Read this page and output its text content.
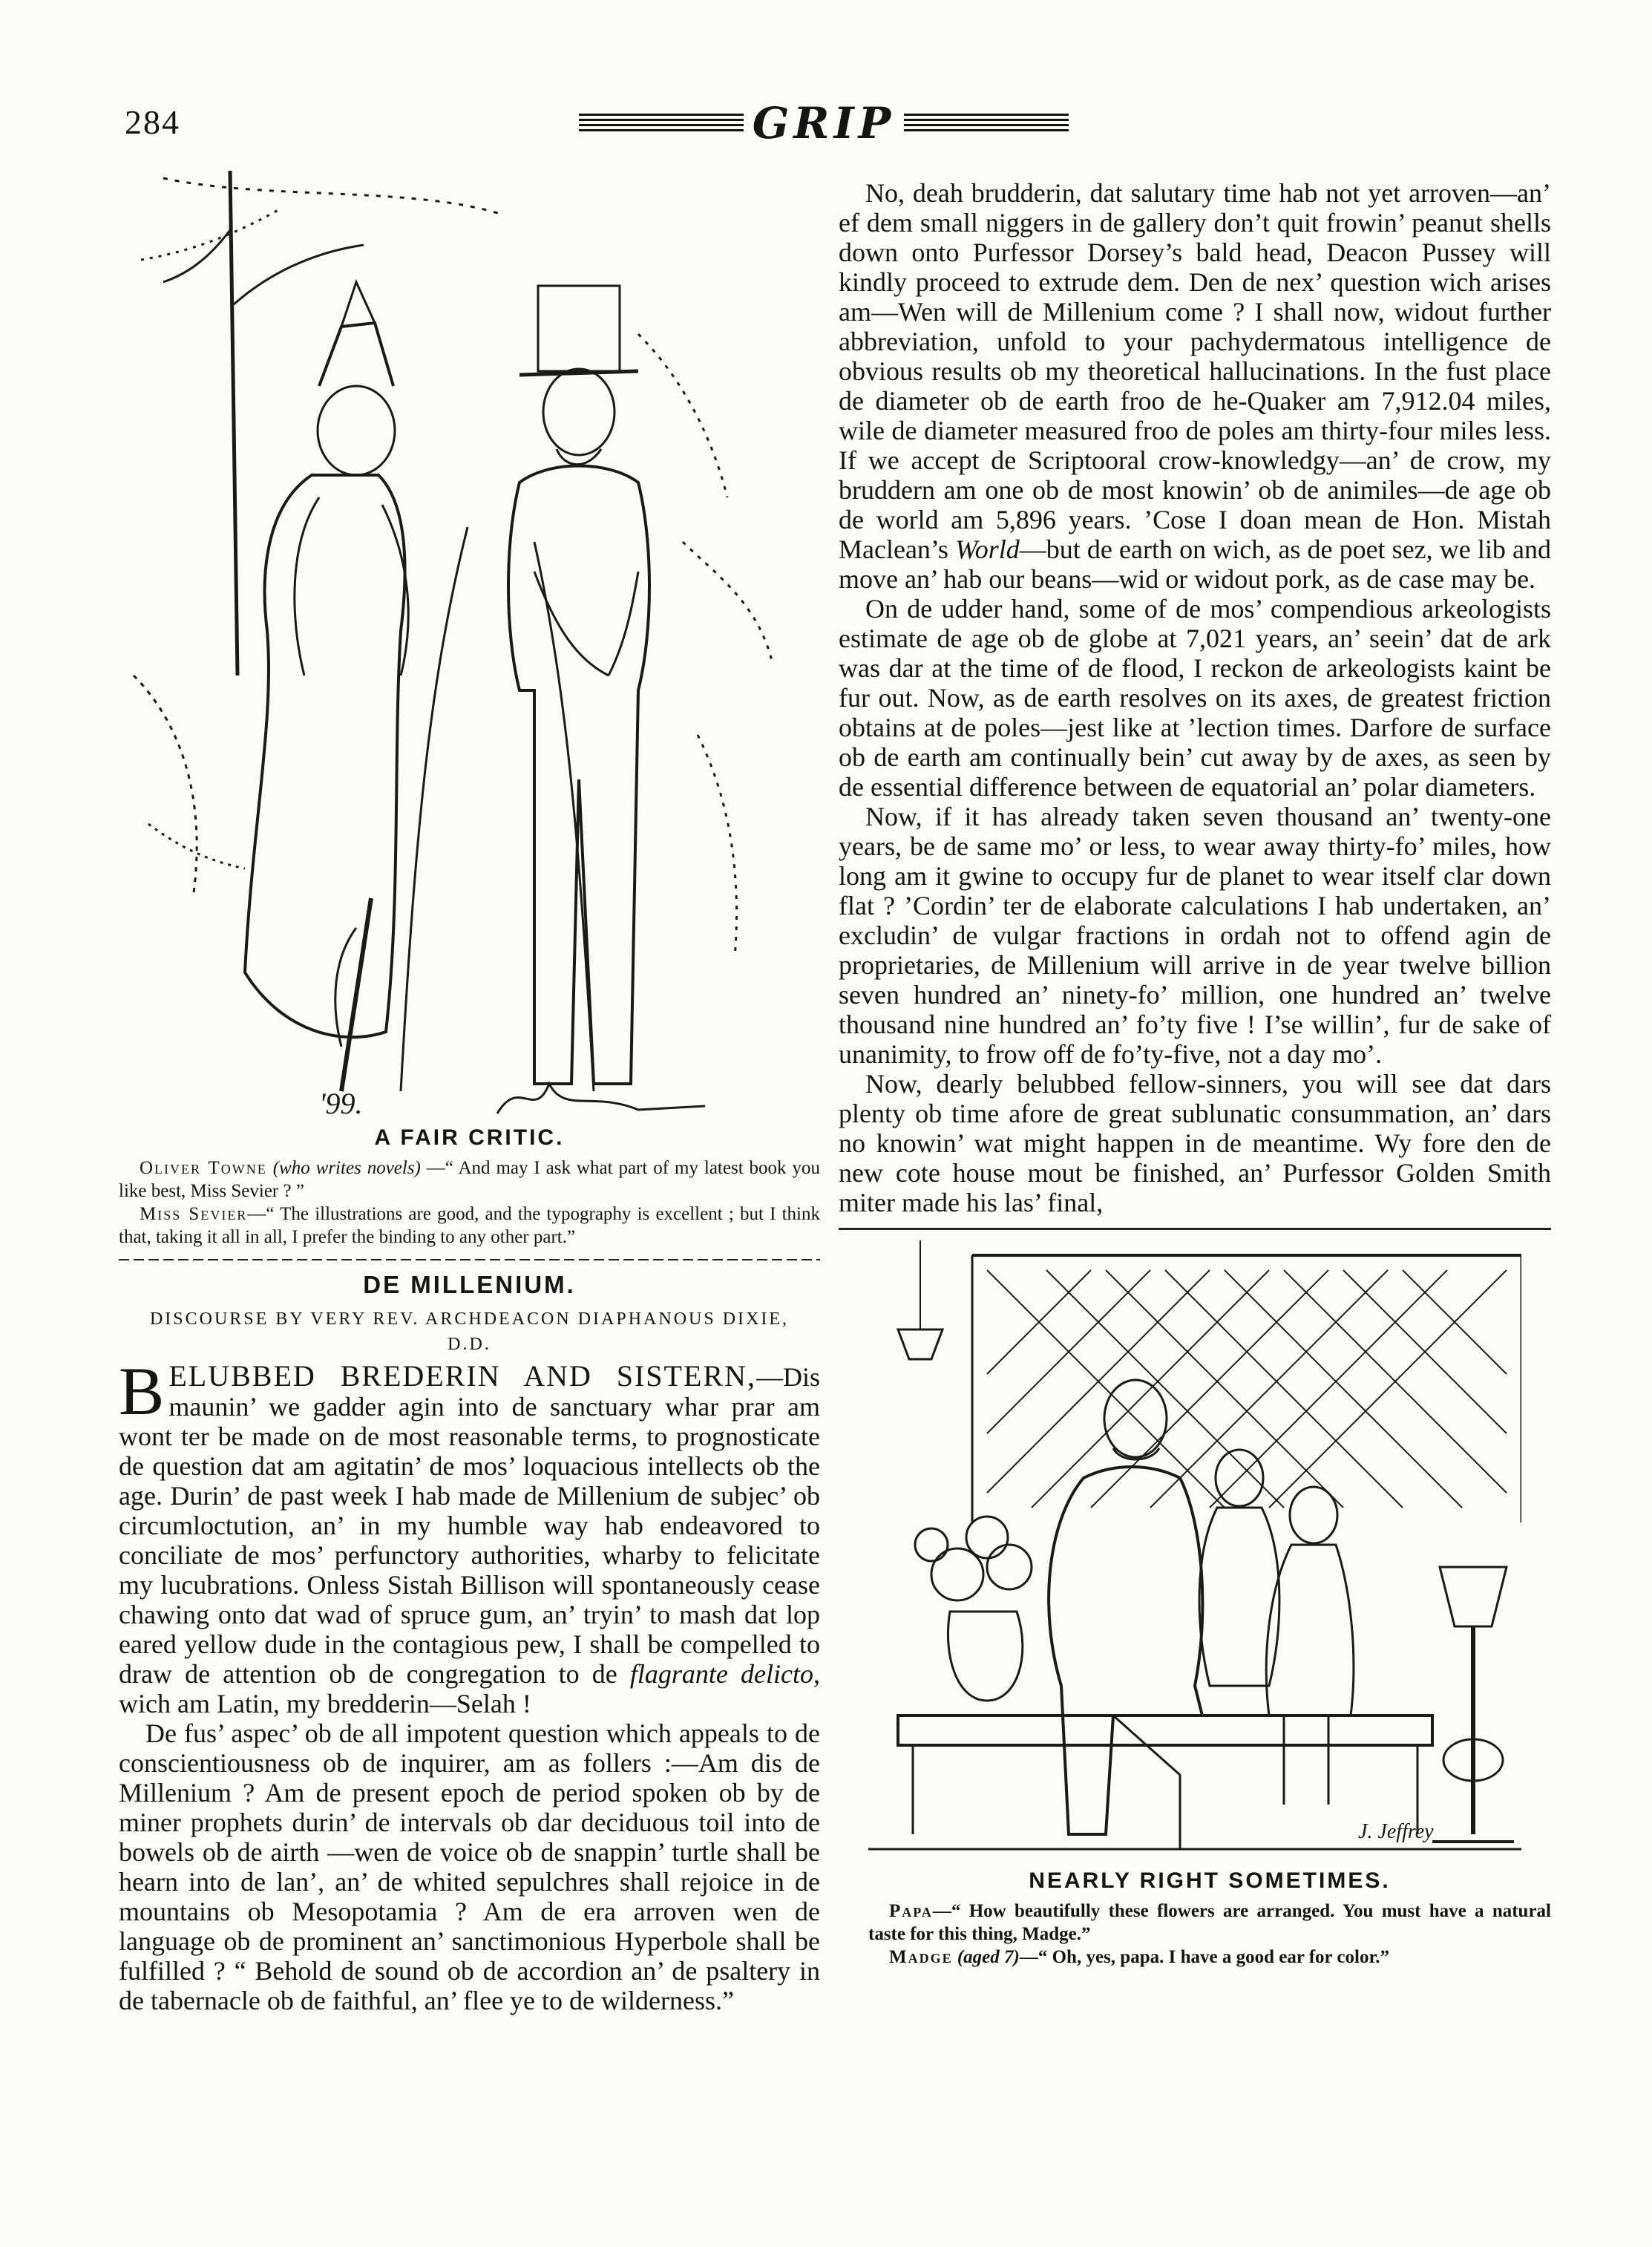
284	GRIP
'99.
A FAIR CRITIC.

Oliver Towne (who writes novels) —“ And may I ask what part of my latest book you like best, Miss Sevier ? ”

Miss Sevier—“ The illustrations are good, and the typography is excellent ; but I think that, taking it all in all, I prefer the binding to any other part.”

DE MILLENIUM.
DISCOURSE BY VERY REV. ARCHDEACON DIAPHANOUS DIXIE, D.D.

BELUBBED BREDERIN AND SISTERN,—Dis maunin’ we gadder agin into de sanctuary whar prar am wont ter be made on de most reasonable terms, to prognosticate de question dat am agitatin’ de mos’ loquacious intellects ob the age. Durin’ de past week I hab made de Millenium de subjec’ ob circumloctution, an’ in my humble way hab endeavored to conciliate de mos’ perfunctory authorities, wharby to felicitate my lucubrations. Onless Sistah Billison will spontaneously cease chawing onto dat wad of spruce gum, an’ tryin’ to mash dat lop eared yellow dude in the contagious pew, I shall be compelled to draw de attention ob de congregation to de flagrante delicto, wich am Latin, my bredderin—Selah !

De fus’ aspec’ ob de all impotent question which appeals to de conscientiousness ob de inquirer, am as follers :—Am dis de Millenium ? Am de present epoch de period spoken ob by de miner prophets durin’ de intervals ob dar deciduous toil into de bowels ob de airth —wen de voice ob de snappin’ turtle shall be hearn into de lan’, an’ de whited sepulchres shall rejoice in de mountains ob Mesopotamia ? Am de era arroven wen de language ob de prominent an’ sanctimonious Hyperbole shall be fulfilled ? “ Behold de sound ob de accordion an’ de psaltery in de tabernacle ob de faithful, an’ flee ye to de wilderness.”

No, deah brudderin, dat salutary time hab not yet arroven—an’ ef dem small niggers in de gallery don’t quit frowin’ peanut shells down onto Purfessor Dorsey’s bald head, Deacon Pussey will kindly proceed to extrude dem. Den de nex’ question wich arises am—Wen will de Millenium come ? I shall now, widout further abbreviation, unfold to your pachydermatous intelligence de obvious results ob my theoretical hallucinations. In the fust place de diameter ob de earth froo de he-Quaker am 7,912.04 miles, wile de diameter measured froo de poles am thirty-four miles less. If we accept de Scriptooral crow-knowledgy—an’ de crow, my bruddern am one ob de most knowin’ ob de animiles—de age ob de world am 5,896 years. ’Cose I doan mean de Hon. Mistah Maclean’s World—but de earth on wich, as de poet sez, we lib and move an’ hab our beans—wid or widout pork, as de case may be.

On de udder hand, some of de mos’ compendious arkeologists estimate de age ob de globe at 7,021 years, an’ seein’ dat de ark was dar at the time of de flood, I reckon de arkeologists kaint be fur out. Now, as de earth resolves on its axes, de greatest friction obtains at de poles—jest like at ’lection times. Darfore de surface ob de earth am continually bein’ cut away by de axes, as seen by de essential difference between de equatorial an’ polar diameters.

Now, if it has already taken seven thousand an’ twenty-one years, be de same mo’ or less, to wear away thirty-fo’ miles, how long am it gwine to occupy fur de planet to wear itself clar down flat ? ’Cordin’ ter de elaborate calculations I hab undertaken, an’ excludin’ de vulgar fractions in ordah not to offend agin de proprietaries, de Millenium will arrive in de year twelve billion seven hundred an’ ninety-fo’ million, one hundred an’ twelve thousand nine hundred an’ fo’ty five ! I’se willin’, fur de sake of unanimity, to frow off de fo’ty-five, not a day mo’.

Now, dearly belubbed fellow-sinners, you will see dat dars plenty ob time afore de great sublunatic consummation, an’ dars no knowin’ wat might happen in de meantime. Wy fore den de new cote house mout be finished, an’ Purfessor Golden Smith miter made his las’ final,

J. Jeffrey
NEARLY RIGHT SOMETIMES.

Papa—“ How beautifully these flowers are arranged. You must have a natural taste for this thing, Madge.”

Madge (aged 7)—“ Oh, yes, papa. I have a good ear for color.”
